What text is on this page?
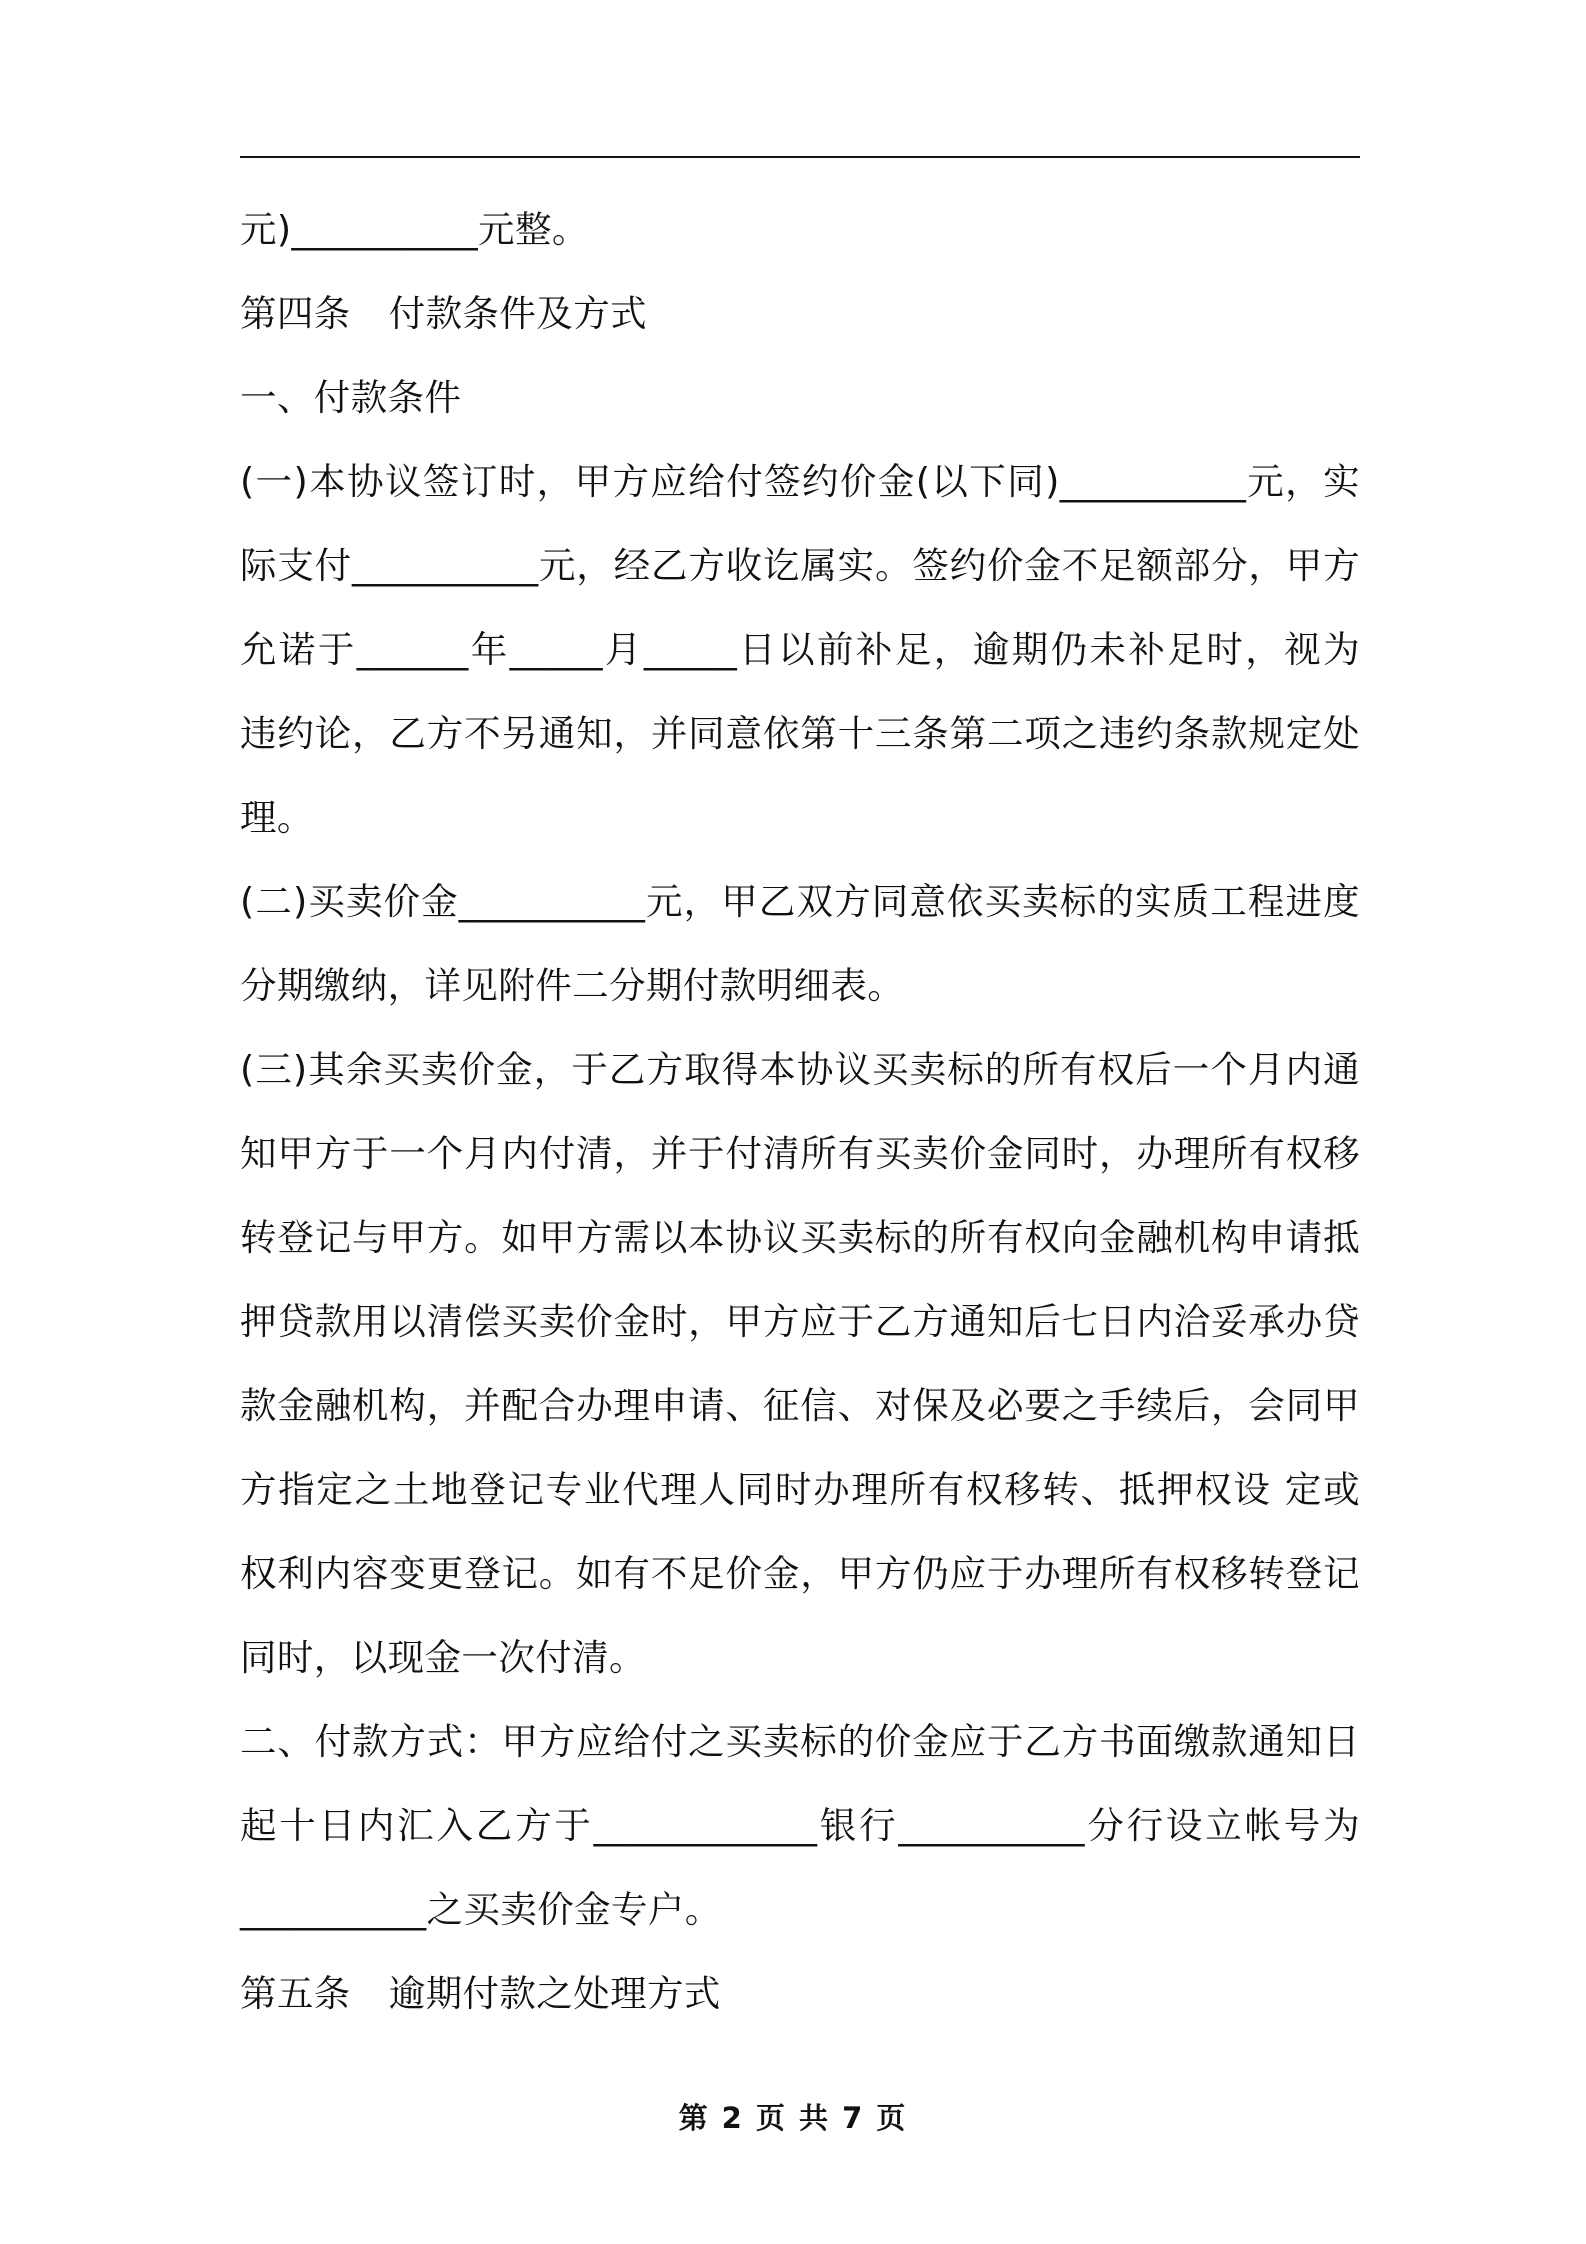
元)__________元整。
第四条 付款条件及方式
一、付款条件
(一)本协议签订时，甲方应给付签约价金(以下同)__________元，实
际支付__________元，经乙方收讫属实。签约价金不足额部分，甲方
允诺于______年_____月_____日以前补足，逾期仍未补足时，视为
违约论，乙方不另通知，并同意依第十三条第二项之违约条款规定处
理。
(二)买卖价金__________元，甲乙双方同意依买卖标的实质工程进度
分期缴纳，详见附件二分期付款明细表。
(三)其余买卖价金，于乙方取得本协议买卖标的所有权后一个月内通
知甲方于一个月内付清，并于付清所有买卖价金同时，办理所有权移
转登记与甲方。如甲方需以本协议买卖标的所有权向金融机构申请抵
押贷款用以清偿买卖价金时，甲方应于乙方通知后七日内洽妥承办贷
款金融机构，并配合办理申请、征信、对保及必要之手续后，会同甲
方指定之土地登记专业代理人同时办理所有权移转、抵押权设 定或
权利内容变更登记。如有不足价金，甲方仍应于办理所有权移转登记
同时，以现金一次付清。
二、付款方式：甲方应给付之买卖标的价金应于乙方书面缴款通知日
起十日内汇入乙方于____________银行__________分行设立帐号为
__________之买卖价金专户。
第五条 逾期付款之处理方式
第 2 页 共 7 页
